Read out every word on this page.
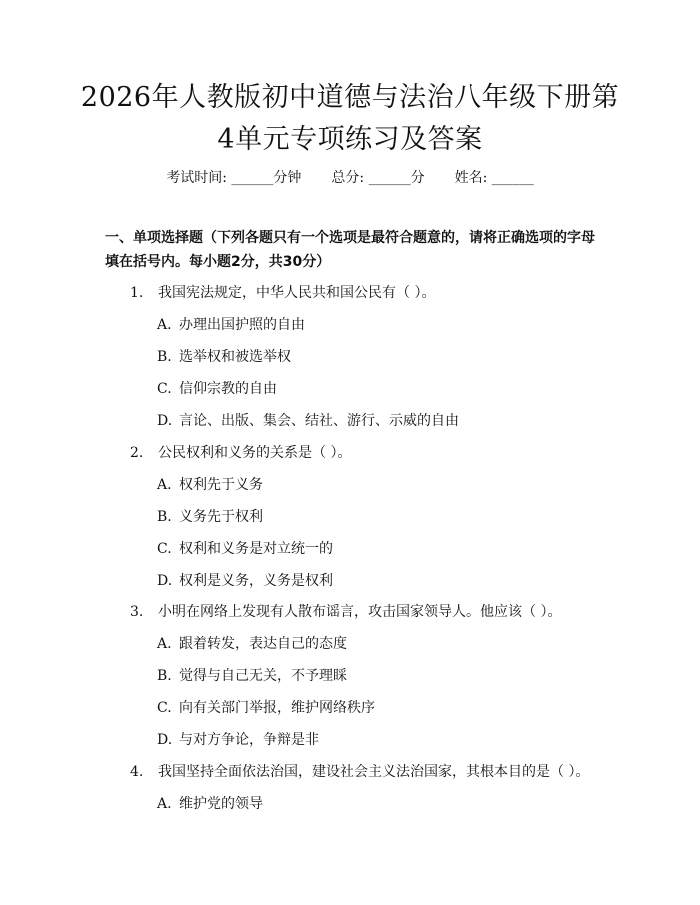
2026年人教版初中道德与法治八年级下册第
4单元专项练习及答案
考试时间: ______分钟 总分: ______分 姓名: ______

一、单项选择题（下列各题只有一个选项是最符合题意的，请将正确选项的字母填在括号内。每小题2分，共30分）

1. 我国宪法规定，中华人民共和国公民有（ ）。
A. 办理出国护照的自由
B. 选举权和被选举权
C. 信仰宗教的自由
D. 言论、出版、集会、结社、游行、示威的自由
2. 公民权利和义务的关系是（ ）。
A. 权利先于义务
B. 义务先于权利
C. 权利和义务是对立统一的
D. 权利是义务，义务是权利
3. 小明在网络上发现有人散布谣言，攻击国家领导人。他应该（ ）。
A. 跟着转发，表达自己的态度
B. 觉得与自己无关，不予理睬
C. 向有关部门举报，维护网络秩序
D. 与对方争论，争辩是非
4. 我国坚持全面依法治国，建设社会主义法治国家，其根本目的是（ ）。
A. 维护党的领导
